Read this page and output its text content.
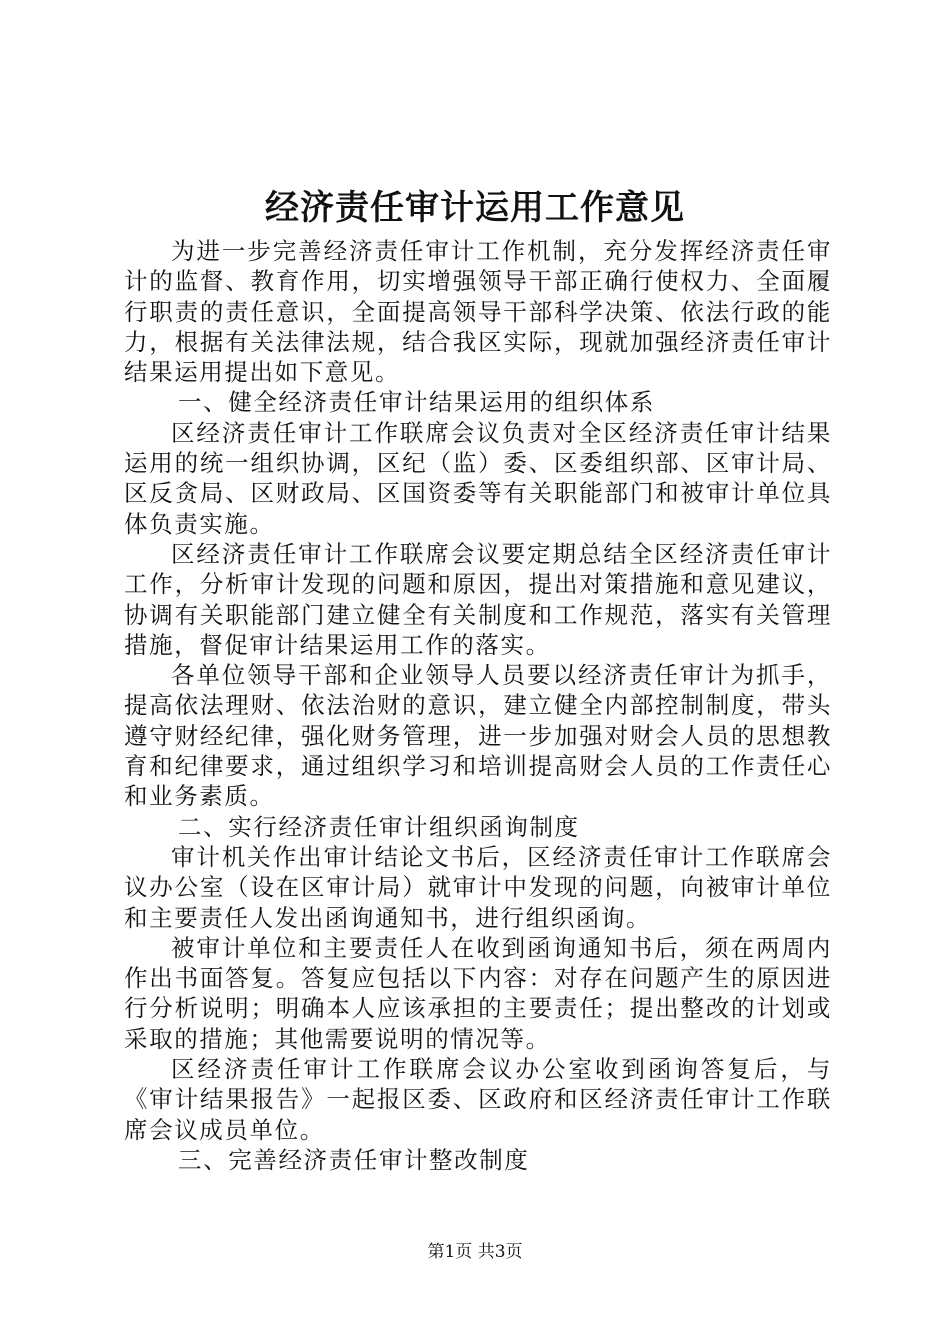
经济责任审计运用工作意见

为进一步完善经济责任审计工作机制，充分发挥经济责任审计的监督、教育作用，切实增强领导干部正确行使权力、全面履行职责的责任意识，全面提高领导干部科学决策、依法行政的能力，根据有关法律法规，结合我区实际，现就加强经济责任审计结果运用提出如下意见。

一、健全经济责任审计结果运用的组织体系

区经济责任审计工作联席会议负责对全区经济责任审计结果运用的统一组织协调，区纪（监）委、区委组织部、区审计局、区反贪局、区财政局、区国资委等有关职能部门和被审计单位具体负责实施。

区经济责任审计工作联席会议要定期总结全区经济责任审计工作，分析审计发现的问题和原因，提出对策措施和意见建议，协调有关职能部门建立健全有关制度和工作规范，落实有关管理措施，督促审计结果运用工作的落实。

各单位领导干部和企业领导人员要以经济责任审计为抓手，提高依法理财、依法治财的意识，建立健全内部控制制度，带头遵守财经纪律，强化财务管理，进一步加强对财会人员的思想教育和纪律要求，通过组织学习和培训提高财会人员的工作责任心和业务素质。

二、实行经济责任审计组织函询制度

审计机关作出审计结论文书后，区经济责任审计工作联席会议办公室（设在区审计局）就审计中发现的问题，向被审计单位和主要责任人发出函询通知书，进行组织函询。

被审计单位和主要责任人在收到函询通知书后，须在两周内作出书面答复。答复应包括以下内容：对存在问题产生的原因进行分析说明；明确本人应该承担的主要责任；提出整改的计划或采取的措施；其他需要说明的情况等。

区经济责任审计工作联席会议办公室收到函询答复后，与《审计结果报告》一起报区委、区政府和区经济责任审计工作联席会议成员单位。

三、完善经济责任审计整改制度

第1页 共3页
